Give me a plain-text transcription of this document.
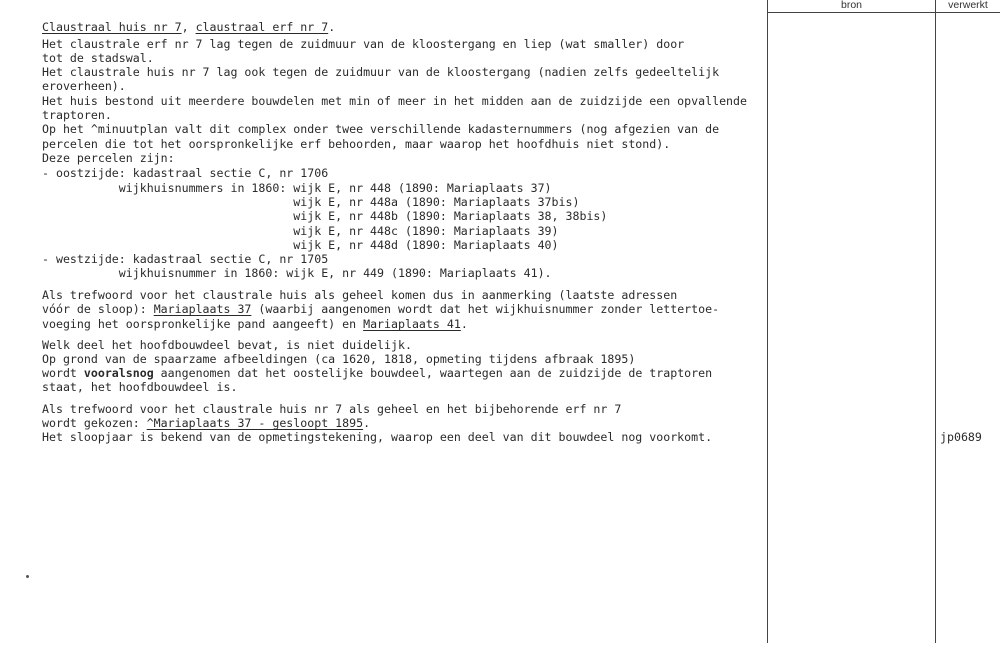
bron	verwerkt
Claustraal huis nr 7, claustraal erf nr 7.
Het claustrale erf nr 7 lag tegen de zuidmuur van de kloostergang en liep (wat smaller) door
tot de stadswal.
Het claustrale huis nr 7 lag ook tegen de zuidmuur van de kloostergang (nadien zelfs gedeeltelijk
eroverheen).
Het huis bestond uit meerdere bouwdelen met min of meer in het midden aan de zuidzijde een opvallende
traptoren.
Op het ^minuutplan valt dit complex onder twee verschillende kadasternummers (nog afgezien van de
percelen die tot het oorspronkelijke erf behoorden, maar waarop het hoofdhuis niet stond).
Deze percelen zijn:
- oostzijde: kadastraal sectie C, nr 1706
wijkhuisnummers in 1860: wijk E, nr 448 (1890: Mariaplaats 37)
wijk E, nr 448a (1890: Mariaplaats 37bis)
wijk E, nr 448b (1890: Mariaplaats 38, 38bis)
wijk E, nr 448c (1890: Mariaplaats 39)
wijk E, nr 448d (1890: Mariaplaats 40)
- westzijde: kadastraal sectie C, nr 1705
wijkhuisnummer in 1860: wijk E, nr 449 (1890: Mariaplaats 41).
Als trefwoord voor het claustrale huis als geheel komen dus in aanmerking (laatste adressen
vóór de sloop): Mariaplaats 37 (waarbij aangenomen wordt dat het wijkhuisnummer zonder lettertoe-
voeging het oorspronkelijke pand aangeeft) en Mariaplaats 41.
Welk deel het hoofdbouwdeel bevat, is niet duidelijk.
Op grond van de spaarzame afbeeldingen (ca 1620, 1818, opmeting tijdens afbraak 1895)
wordt vooralsnog aangenomen dat het oostelijke bouwdeel, waartegen aan de zuidzijde de traptoren
staat, het hoofdbouwdeel is.
Als trefwoord voor het claustrale huis nr 7 als geheel en het bijbehorende erf nr 7
wordt gekozen: ^Mariaplaats 37 - gesloopt 1895.
Het sloopjaar is bekend van de opmetingstekening, waarop een deel van dit bouwdeel nog voorkomt.	jp0689
